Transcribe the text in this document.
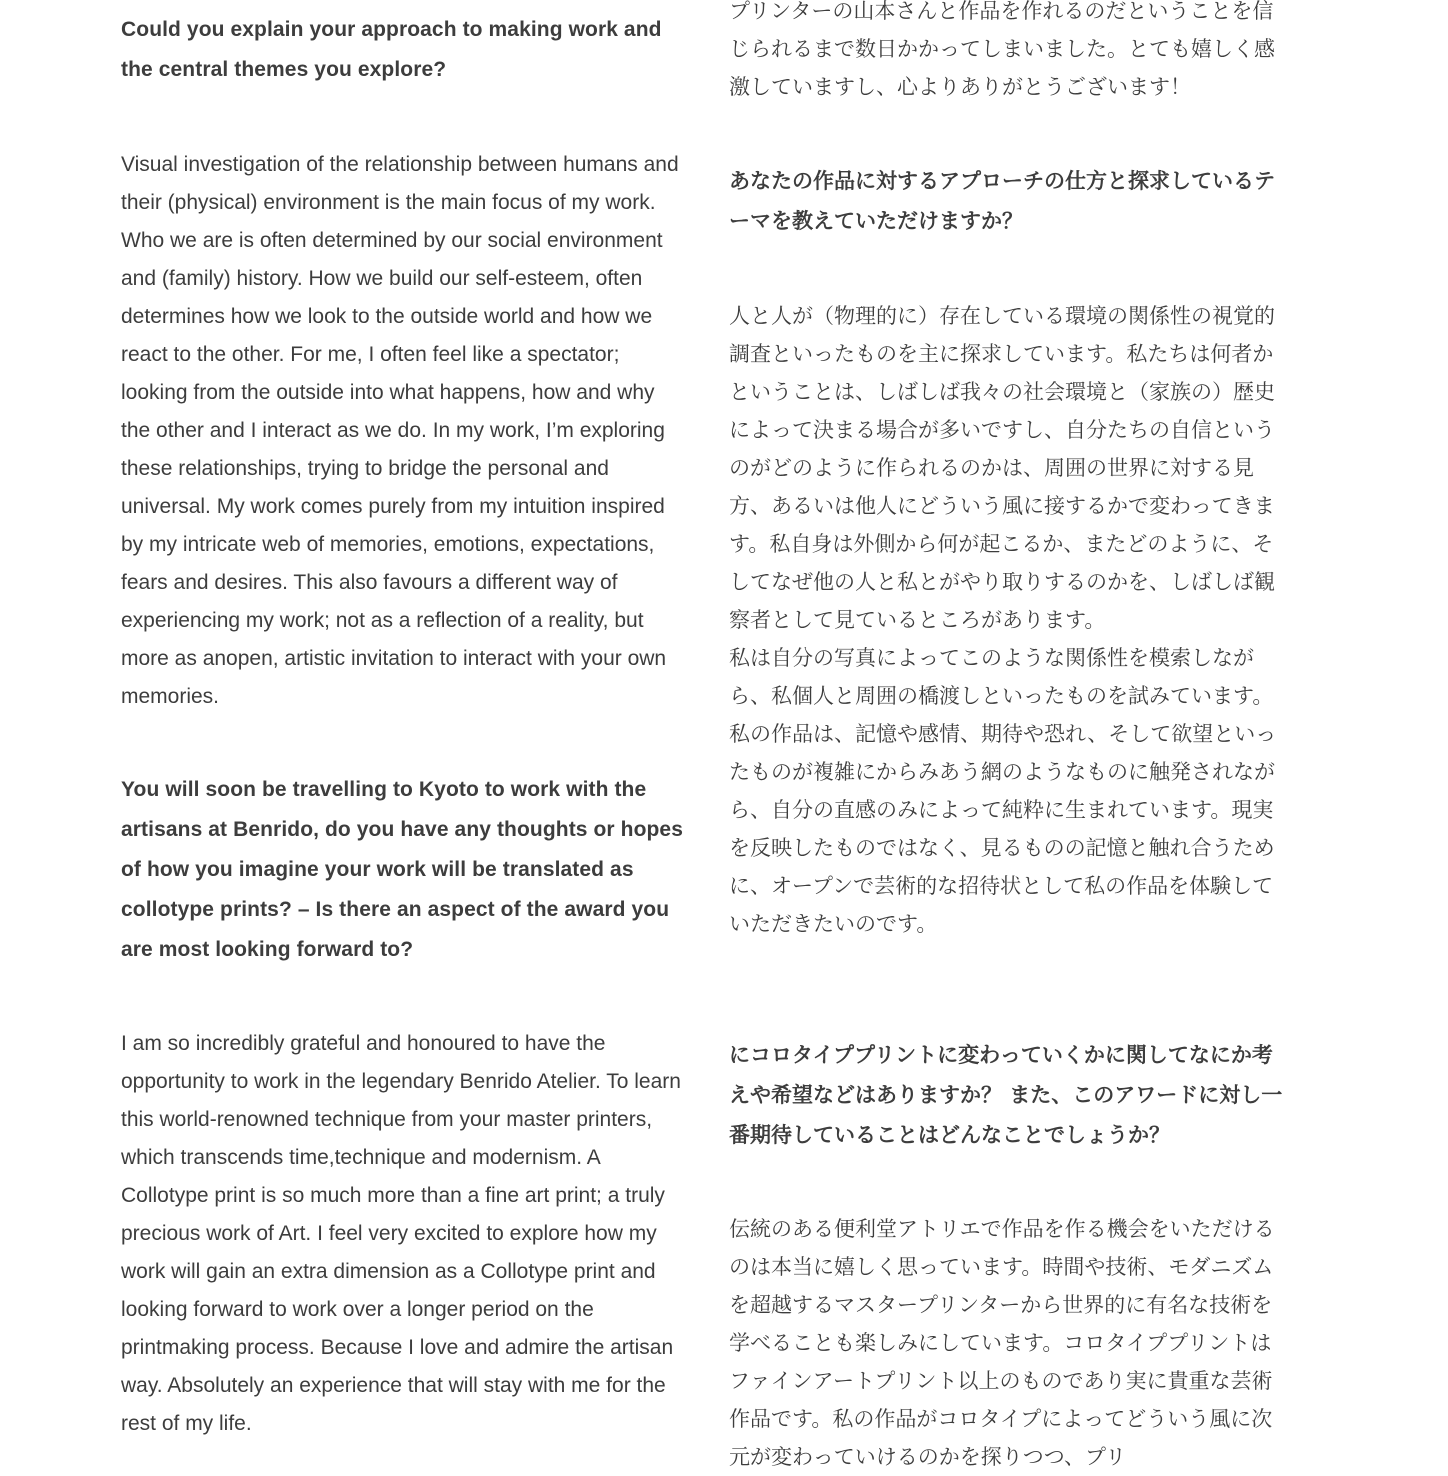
Could you explain your approach to making work and the central themes you explore?

Visual investigation of the relationship between humans and their (physical) environment is the main focus of my work. Who we are is often determined by our social environment and (family) history. How we build our self-esteem, often determines how we look to the outside world and how we react to the other. For me, I often feel like a spectator; looking from the outside into what happens, how and why the other and I interact as we do. In my work, I’m exploring these relationships, trying to bridge the personal and universal. My work comes purely from my intuition inspired by my intricate web of memories, emotions, expectations, fears and desires. This also favours a different way of experiencing my work; not as a reflection of a reality, but more as anopen, artistic invitation to interact with your own memories.

You will soon be travelling to Kyoto to work with the artisans at Benrido, do you have any thoughts or hopes of how you imagine your work will be translated as collotype prints? – Is there an aspect of the award you are most looking forward to?

I am so incredibly grateful and honoured to have the opportunity to work in the legendary Benrido Atelier. To learn this world-renowned technique from your master printers, which transcends time,technique and modernism. A Collotype print is so much more than a fine art print; a truly precious work of Art. I feel very excited to explore how my work will gain an extra dimension as a Collotype print and looking forward to work over a longer period on the printmaking process. Because I love and admire the artisan way. Absolutely an experience that will stay with me for the rest of my life.

プリンターの山本さんと作品を作れるのだということを信じられるまで数日かかってしまいました。とても嬉しく感激していますし、心よりありがとうございます！

あなたの作品に対するアプローチの仕方と探求しているテーマを教えていただけますか？

人と人が（物理的に）存在している環境の関係性の視覚的調査といったものを主に探求しています。私たちは何者かということは、しばしば我々の社会環境と（家族の）歴史によって決まる場合が多いですし、自分たちの自信というのがどのように作られるのかは、周囲の世界に対する見方、あるいは他人にどういう風に接するかで変わってきます。私自身は外側から何が起こるか、またどのように、そしてなぜ他の人と私とがやり取りするのかを、しばしば観察者として見ているところがあります。

私は自分の写真によってこのような関係性を模索しながら、私個人と周囲の橋渡しといったものを試みています。私の作品は、記憶や感情、期待や恐れ、そして欲望といったものが複雑にからみあう網のようなものに触発されながら、自分の直感のみによって純粋に生まれています。現実を反映したものではなく、見るものの記憶と触れ合うために、オープンで芸術的な招待状として私の作品を体験していただきたいのです。

にコロタイププリントに変わっていくかに関してなにか考えや希望などはありますか？ また、このアワードに対し一番期待していることはどんなことでしょうか？

伝統のある便利堂アトリエで作品を作る機会をいただけるのは本当に嬉しく思っています。時間や技術、モダニズムを超越するマスタープリンターから世界的に有名な技術を学べることも楽しみにしています。コロタイププリントはファインアートプリント以上のものであり実に貴重な芸術作品です。私の作品がコロタイプによってどういう風に次元が変わっていけるのかを探りつつ、プリ
